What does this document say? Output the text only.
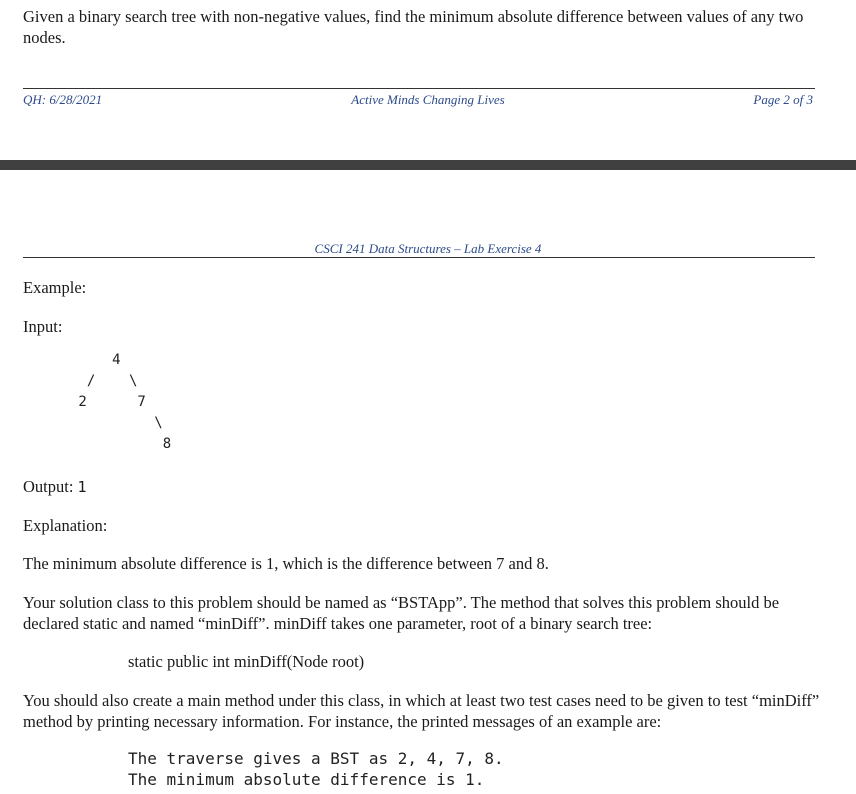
Given a binary search tree with non-negative values, find the minimum absolute difference between values of any two nodes.
QH: 6/28/2021	Active Minds Changing Lives	Page 2 of 3
CSCI 241 Data Structures – Lab Exercise 4
Example:
Input:
4
/    \
2      7
\
8
Output: 1
Explanation:
The minimum absolute difference is 1, which is the difference between 7 and 8.
Your solution class to this problem should be named as “BSTApp”. The method that solves this problem should be declared static and named “minDiff”. minDiff takes one parameter, root of a binary search tree:
static public int minDiff(Node root)
You should also create a main method under this class, in which at least two test cases need to be given to test “minDiff” method by printing necessary information. For instance, the printed messages of an example are:
The traverse gives a BST as 2, 4, 7, 8.
The minimum absolute difference is 1.
